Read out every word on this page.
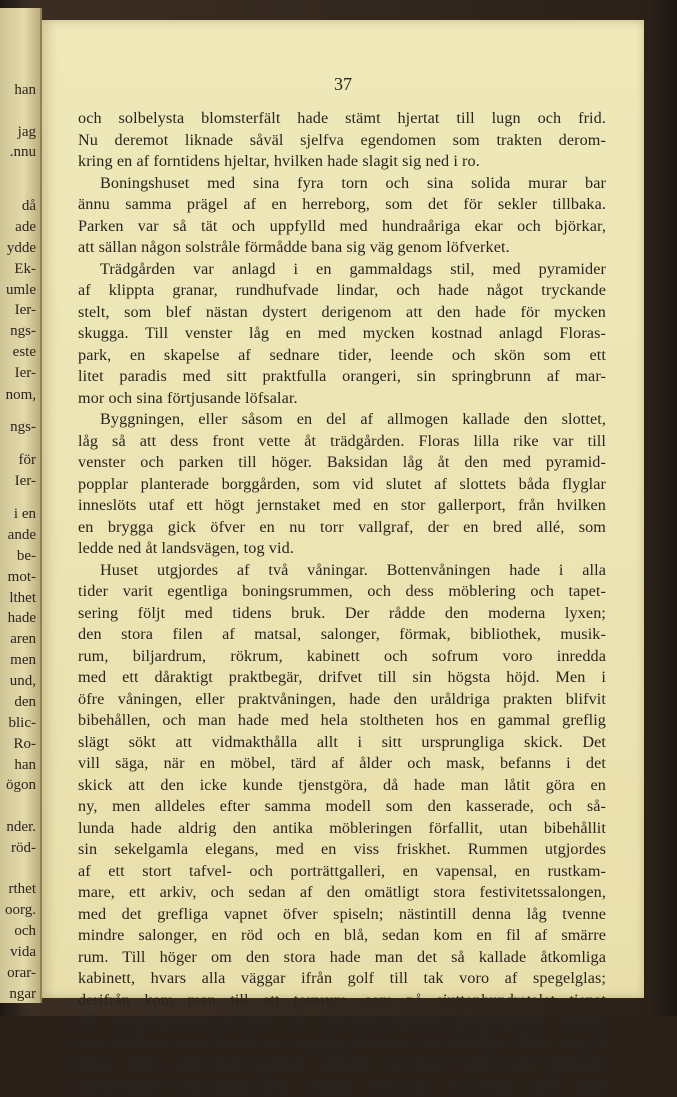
han

jag

.nnu

då

ade

ydde

Ek-

umle

Ier-

ngs-

este

Ier-

nom,

ngs-

för

Ier-

i en

ande

be-

mot-

lthet

hade

aren

men

und,

den

blic-

Ro-

han

ögon

nder.

röd-

rthet

oorg.

och

vida

orar-

ngar

37

och solbelysta blomsterfält hade stämt hjertat till lugn och frid.

Nu deremot liknade såväl sjelfva egendomen som trakten derom-

kring en af forntidens hjeltar, hvilken hade slagit sig ned i ro.

Boningshuset med sina fyra torn och sina solida murar bar

ännu samma prägel af en herreborg, som det för sekler tillbaka.

Parken var så tät och uppfylld med hundraåriga ekar och björkar,

att sällan någon solstråle förmådde bana sig väg genom löfverket.

Trädgården var anlagd i en gammaldags stil, med pyramider

af klippta granar, rundhufvade lindar, och hade något tryckande

stelt, som blef nästan dystert derigenom att den hade för mycken

skugga. Till venster låg en med mycken kostnad anlagd Floras-

park, en skapelse af sednare tider, leende och skön som ett

litet paradis med sitt praktfulla orangeri, sin springbrunn af mar-

mor och sina förtjusande löfsalar.

Byggningen, eller såsom en del af allmogen kallade den slottet,

låg så att dess front vette åt trädgården. Floras lilla rike var till

venster och parken till höger. Baksidan låg åt den med pyramid-

popplar planterade borggården, som vid slutet af slottets båda flyglar

inneslöts utaf ett högt jernstaket med en stor gallerport, från hvilken

en brygga gick öfver en nu torr vallgraf, der en bred allé, som

ledde ned åt landsvägen, tog vid.

Huset utgjordes af två våningar. Bottenvåningen hade i alla

tider varit egentliga boningsrummen, och dess möblering och tapet-

sering följt med tidens bruk. Der rådde den moderna lyxen;

den stora filen af matsal, salonger, förmak, bibliothek, musik-

rum, biljardrum, rökrum, kabinett och sofrum voro inredda

med ett dåraktigt praktbegär, drifvet till sin högsta höjd. Men i

öfre våningen, eller praktvåningen, hade den uråldriga prakten blifvit

bibehållen, och man hade med hela stoltheten hos en gammal greflig

slägt sökt att vidmakthålla allt i sitt ursprungliga skick. Det

vill säga, när en möbel, tärd af ålder och mask, befanns i det

skick att den icke kunde tjenstgöra, då hade man låtit göra en

ny, men alldeles efter samma modell som den kasserade, och så-

lunda hade aldrig den antika möbleringen förfallit, utan bibehållit

sin sekelgamla elegans, med en viss friskhet. Rummen utgjordes

af ett stort tafvel- och porträttgalleri, en vapensal, en rustkam-

mare, ett arkiv, och sedan af den omätligt stora festivitetssalongen,

med det grefliga vapnet öfver spiseln; nästintill denna låg tvenne

mindre salonger, en röd och en blå, sedan kom en fil af smärre

rum. Till höger om den stora hade man det så kallade åtkomliga

kabinett, hvars alla väggar ifrån golf till tak voro af spegelglas;

derifrån kom man till ett tornrum, som på sjuttonhundratalet tjenat

till sängkammare åt den då lefvande grefve Romarhjertas hustru,

om hvilken man hade en sorglig historia att förtälja. Hon dog i

detta rum, och man påstod allmänt att hon gick och spökade.

Möbleringen var ännu den samma som då, ty sedan dess hade
